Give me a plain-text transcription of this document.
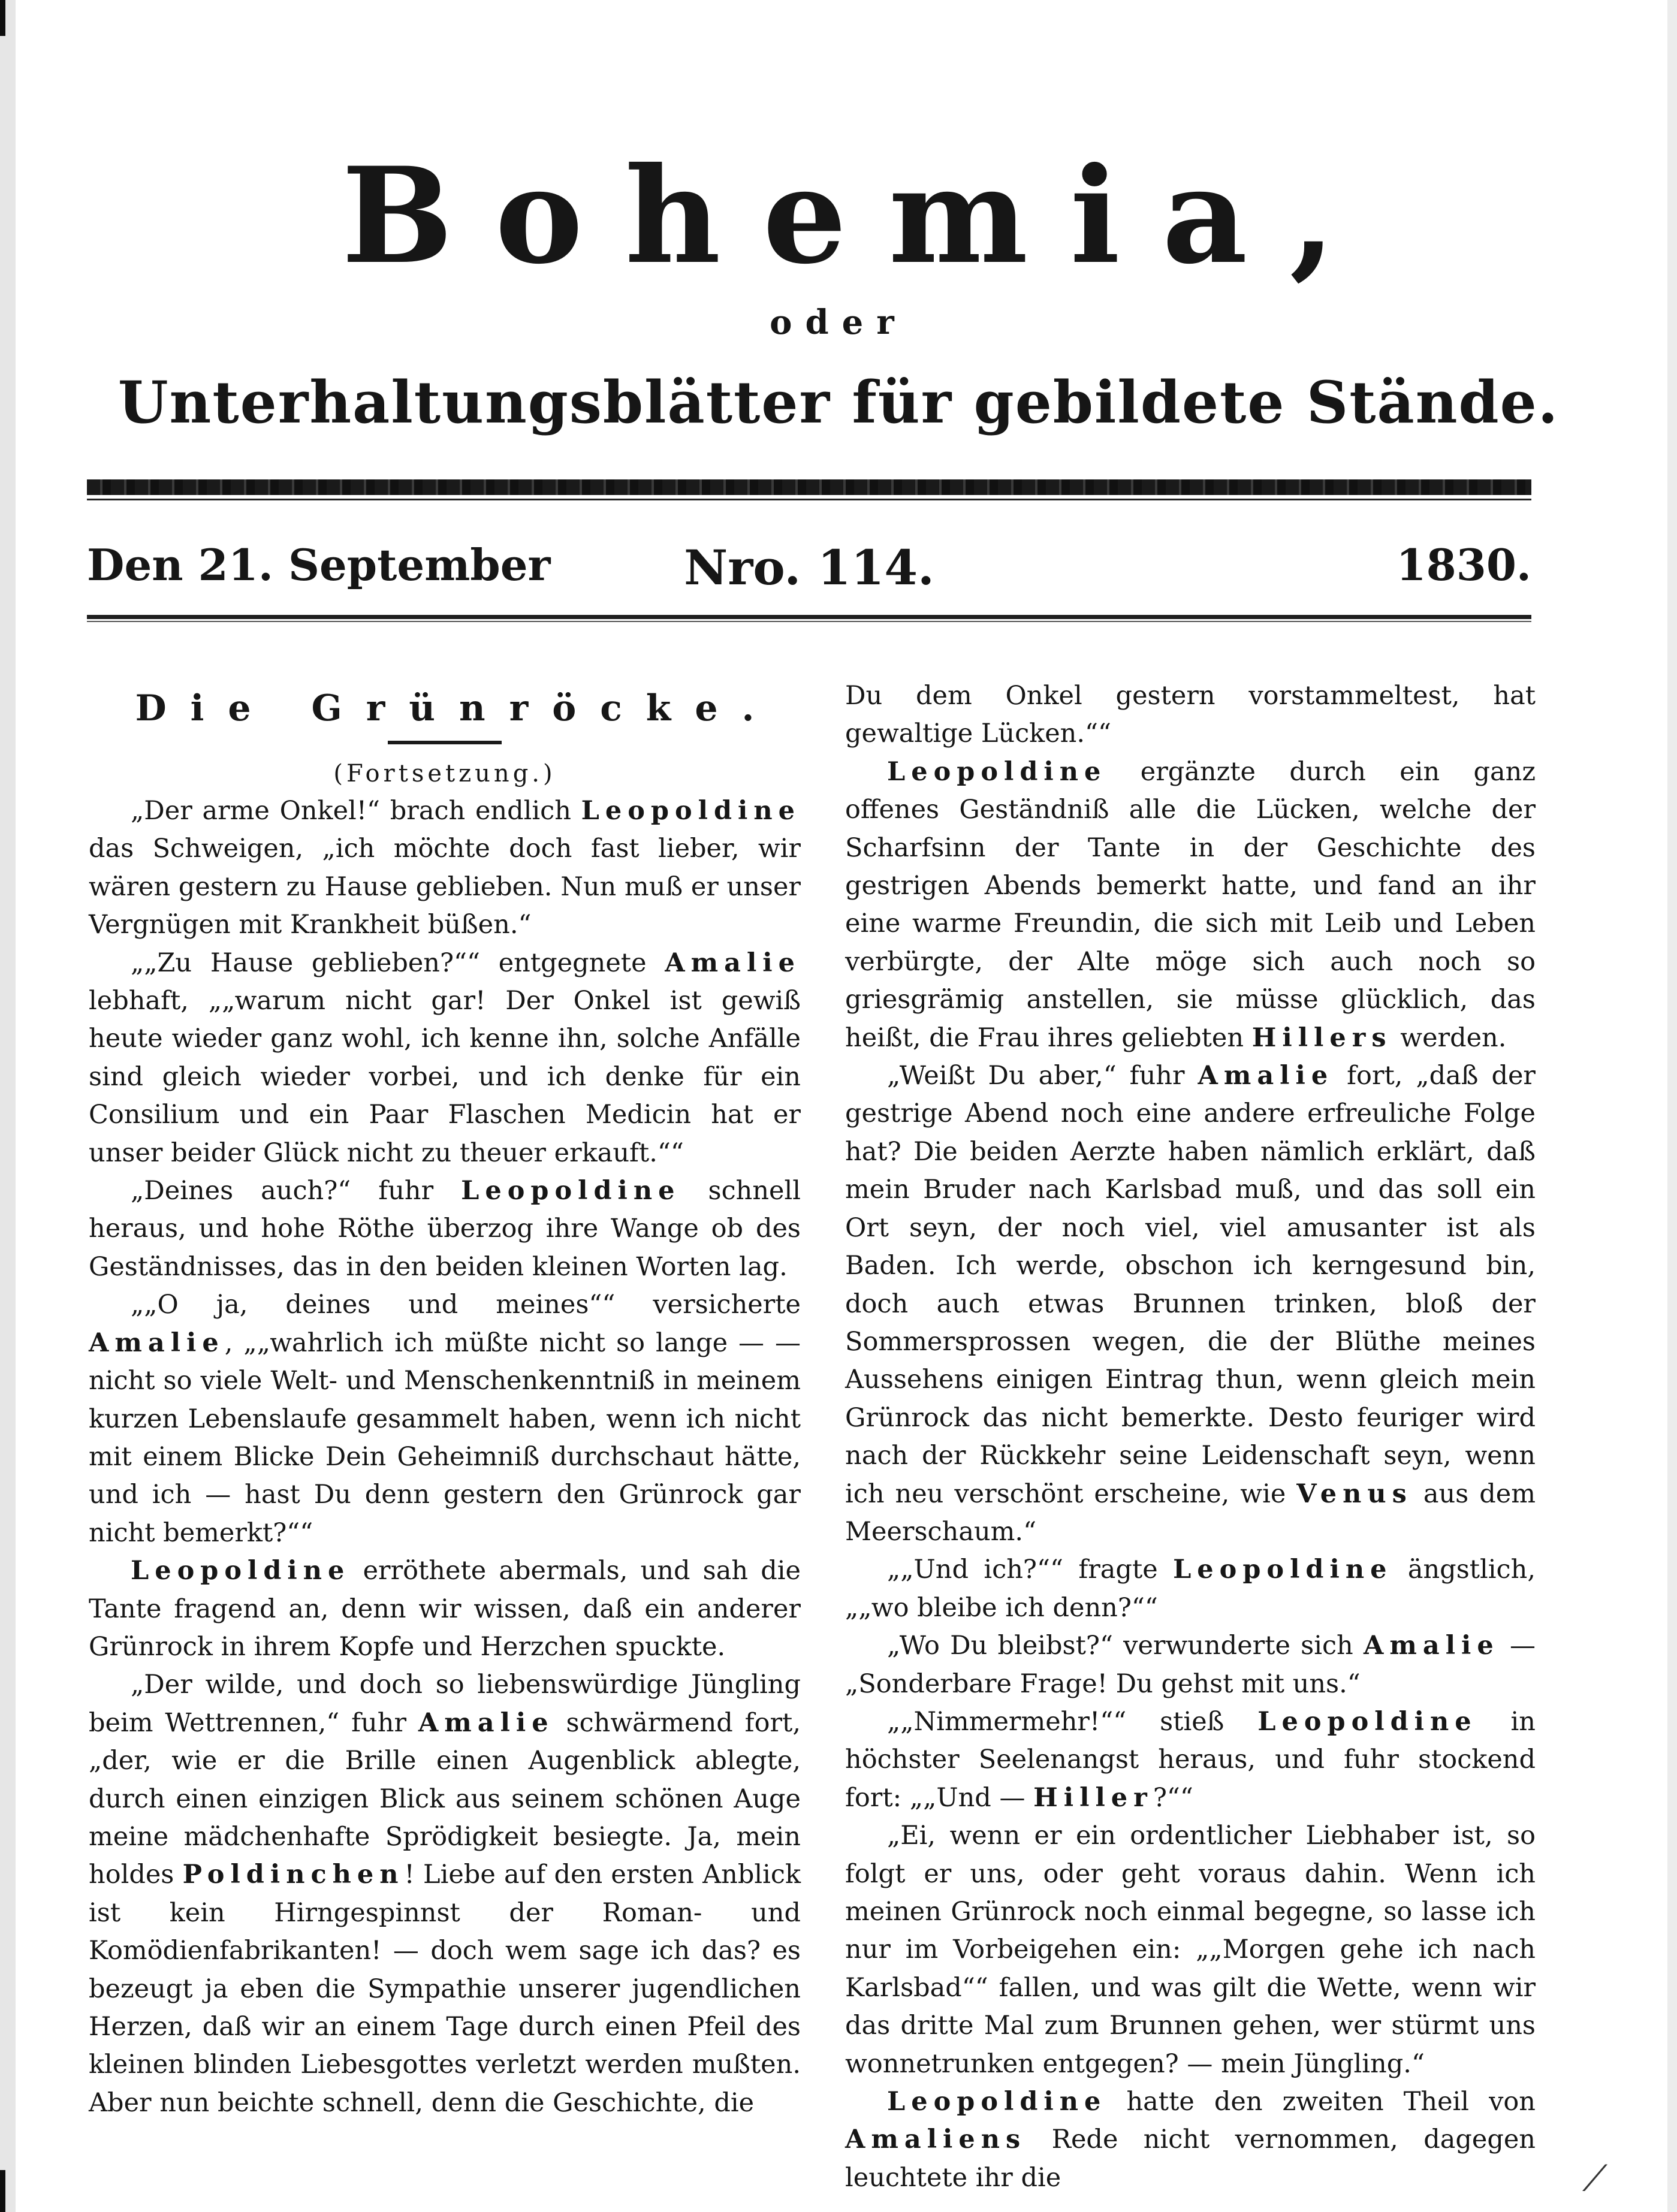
Bohemia,
oder
Unterhaltungsblätter für gebildete Stände.
Den 21. September	Nro. 114.	1830.
Die Grünröcke.
(Fortsetzung.)

„Der arme Onkel!“ brach endlich Leopoldine das Schweigen, „ich möchte doch fast lieber, wir wären gestern zu Hause geblieben. Nun muß er unser Vergnügen mit Krankheit büßen.“

„„Zu Hause geblieben?““ entgegnete Amalie lebhaft, „„warum nicht gar! Der Onkel ist gewiß heute wieder ganz wohl, ich kenne ihn, solche Anfälle sind gleich wieder vorbei, und ich denke für ein Consilium und ein Paar Flaschen Medicin hat er unser beider Glück nicht zu theuer erkauft.““

„Deines auch?“ fuhr Leopoldine schnell heraus, und hohe Röthe überzog ihre Wange ob des Geständnisses, das in den beiden kleinen Worten lag.

„„O ja, deines und meines““ versicherte Amalie, „„wahrlich ich müßte nicht so lange — — nicht so viele Welt- und Menschenkenntniß in meinem kurzen Lebenslaufe gesammelt haben, wenn ich nicht mit einem Blicke Dein Geheimniß durchschaut hätte, und ich — hast Du denn gestern den Grünrock gar nicht bemerkt?““

Leopoldine erröthete abermals, und sah die Tante fragend an, denn wir wissen, daß ein anderer Grünrock in ihrem Kopfe und Herzchen spuckte.

„Der wilde, und doch so liebenswürdige Jüngling beim Wettrennen,“ fuhr Amalie schwärmend fort, „der, wie er die Brille einen Augenblick ablegte, durch einen einzigen Blick aus seinem schönen Auge meine mädchenhafte Sprödigkeit besiegte. Ja, mein holdes Poldinchen! Liebe auf den ersten Anblick ist kein Hirngespinnst der Roman- und Komödienfabrikanten! — doch wem sage ich das? es bezeugt ja eben die Sympathie unserer jugendlichen Herzen, daß wir an einem Tage durch einen Pfeil des kleinen blinden Liebesgottes verletzt werden mußten. Aber nun beichte schnell, denn die Geschichte, die

Du dem Onkel gestern vorstammeltest, hat gewaltige Lücken.““

Leopoldine ergänzte durch ein ganz offenes Geständniß alle die Lücken, welche der Scharfsinn der Tante in der Geschichte des gestrigen Abends bemerkt hatte, und fand an ihr eine warme Freundin, die sich mit Leib und Leben verbürgte, der Alte möge sich auch noch so griesgrämig anstellen, sie müsse glücklich, das heißt, die Frau ihres geliebten Hillers werden.

„Weißt Du aber,“ fuhr Amalie fort, „daß der gestrige Abend noch eine andere erfreuliche Folge hat? Die beiden Aerzte haben nämlich erklärt, daß mein Bruder nach Karlsbad muß, und das soll ein Ort seyn, der noch viel, viel amusanter ist als Baden. Ich werde, obschon ich kerngesund bin, doch auch etwas Brunnen trinken, bloß der Sommersprossen wegen, die der Blüthe meines Aussehens einigen Eintrag thun, wenn gleich mein Grünrock das nicht bemerkte. Desto feuriger wird nach der Rückkehr seine Leidenschaft seyn, wenn ich neu verschönt erscheine, wie Venus aus dem Meerschaum.“

„„Und ich?““ fragte Leopoldine ängstlich, „„wo bleibe ich denn?““

„Wo Du bleibst?“ verwunderte sich Amalie — „Sonderbare Frage! Du gehst mit uns.“

„„Nimmermehr!““ stieß Leopoldine in höchster Seelenangst heraus, und fuhr stockend fort: „„Und — Hiller?““

„Ei, wenn er ein ordentlicher Liebhaber ist, so folgt er uns, oder geht voraus dahin. Wenn ich meinen Grünrock noch einmal begegne, so lasse ich nur im Vorbeigehen ein: „„Morgen gehe ich nach Karlsbad““ fallen, und was gilt die Wette, wenn wir das dritte Mal zum Brunnen gehen, wer stürmt uns wonnetrunken entgegen? — mein Jüngling.“

Leopoldine hatte den zweiten Theil von Amaliens Rede nicht vernommen, dagegen leuchtete ihr die	⟋
